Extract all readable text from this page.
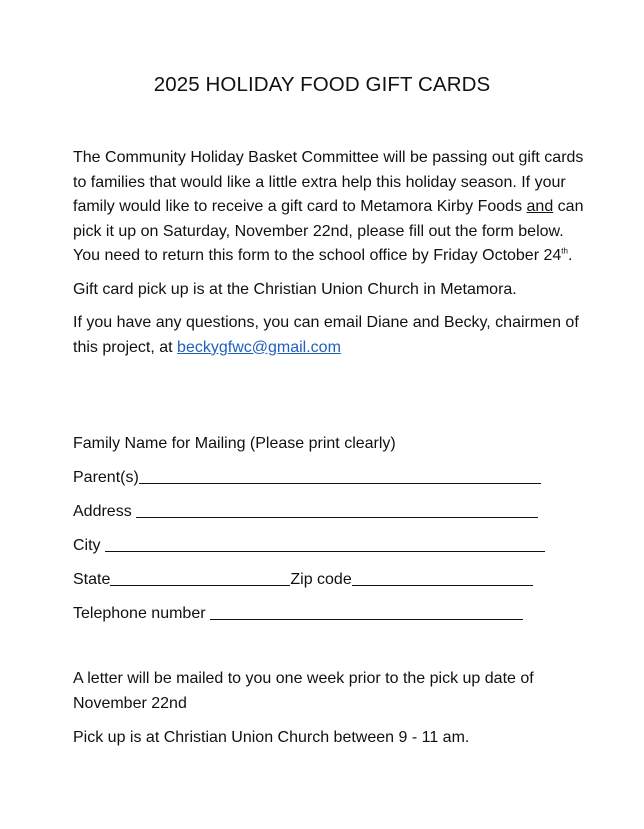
2025 HOLIDAY FOOD GIFT CARDS

The Community Holiday Basket Committee will be passing out gift cards to families that would like a little extra help this holiday season. If your family would like to receive a gift card to Metamora Kirby Foods and can pick it up on Saturday, November 22nd, please fill out the form below. You need to return this form to the school office by Friday October 24th.

Gift card pick up is at the Christian Union Church in Metamora.

If you have any questions, you can email Diane and Becky, chairmen of this project, at beckygfwc@gmail.com

Family Name for Mailing (Please print clearly)
Parent(s)
Address
City
State	Zip code
Telephone number

A letter will be mailed to you one week prior to the pick up date of November 22nd

Pick up is at Christian Union Church between 9 - 11 am.
